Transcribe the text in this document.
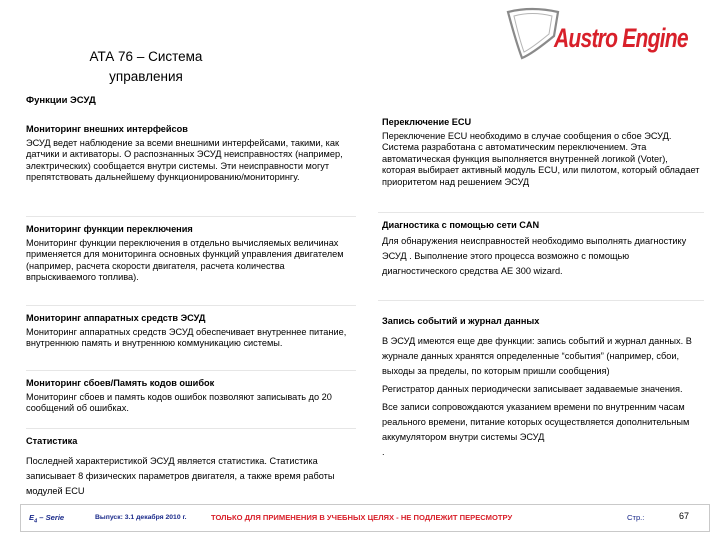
АТА 76 – Система
управления
Austro Engine
Функции ЭСУД
Мониторинг внешних интерфейсов
ЭСУД ведет наблюдение за всеми внешними интерфейсами, такими, как датчики и активаторы. О распознанных ЭСУД неисправностях (например, электрических) сообщается внутри системы. Эти неисправности могут препятствовать дальнейшему функционированию/мониторингу.
Мониторинг функции переключения
Мониторинг функции переключения в отдельно вычисляемых величинах применяется для мониторинга основных функций управления двигателем (например, расчета скорости двигателя, расчета количества впрыскиваемого топлива).
Мониторинг аппаратных средств ЭСУД
Мониторинг аппаратных средств ЭСУД обеспечивает внутреннее питание, внутреннюю память и внутреннюю коммуникацию системы.
Мониторинг сбоев/Память кодов ошибок
Мониторинг сбоев и память кодов ошибок позволяют записывать до 20 сообщений об ошибках.
Статистика
Последней характеристикой ЭСУД является статистика. Статистика записывает 8 физических параметров двигателя, а также время работы модулей ECU
Переключение ECU
Переключение ECU необходимо в случае сообщения о сбое ЭСУД. Система разработана с автоматическим переключением. Эта автоматическая функция выполняется внутренней логикой (Voter), которая выбирает активный модуль ECU, или пилотом, который обладает приоритетом над решением ЭСУД
Диагностика с помощью сети CAN
Для обнаружения неисправностей необходимо выполнять диагностику ЭСУД . Выполнение этого процесса возможно с помощью диагностического средства AE 300 wizard.
Запись событий и журнал данных
В ЭСУД имеются еще две функции: запись событий и журнал данных. В журнале данных хранятся определенные “события” (например, сбои, выходы за пределы, по которым пришли сообщения)
Регистратор данных периодически записывает задаваемые значения.
Все записи сопровождаются указанием времени по внутренним часам реального времени, питание которых осуществляется дополнительным аккумулятором внутри системы ЭСУД
.
$E_4$ – Serie	Выпуск: 3.1 декабря 2010 г.	ТОЛЬКО ДЛЯ ПРИМЕНЕНИЯ В УЧЕБНЫХ ЦЕЛЯХ - НЕ ПОДЛЕЖИТ ПЕРЕСМОТРУ	Стр.:	67
